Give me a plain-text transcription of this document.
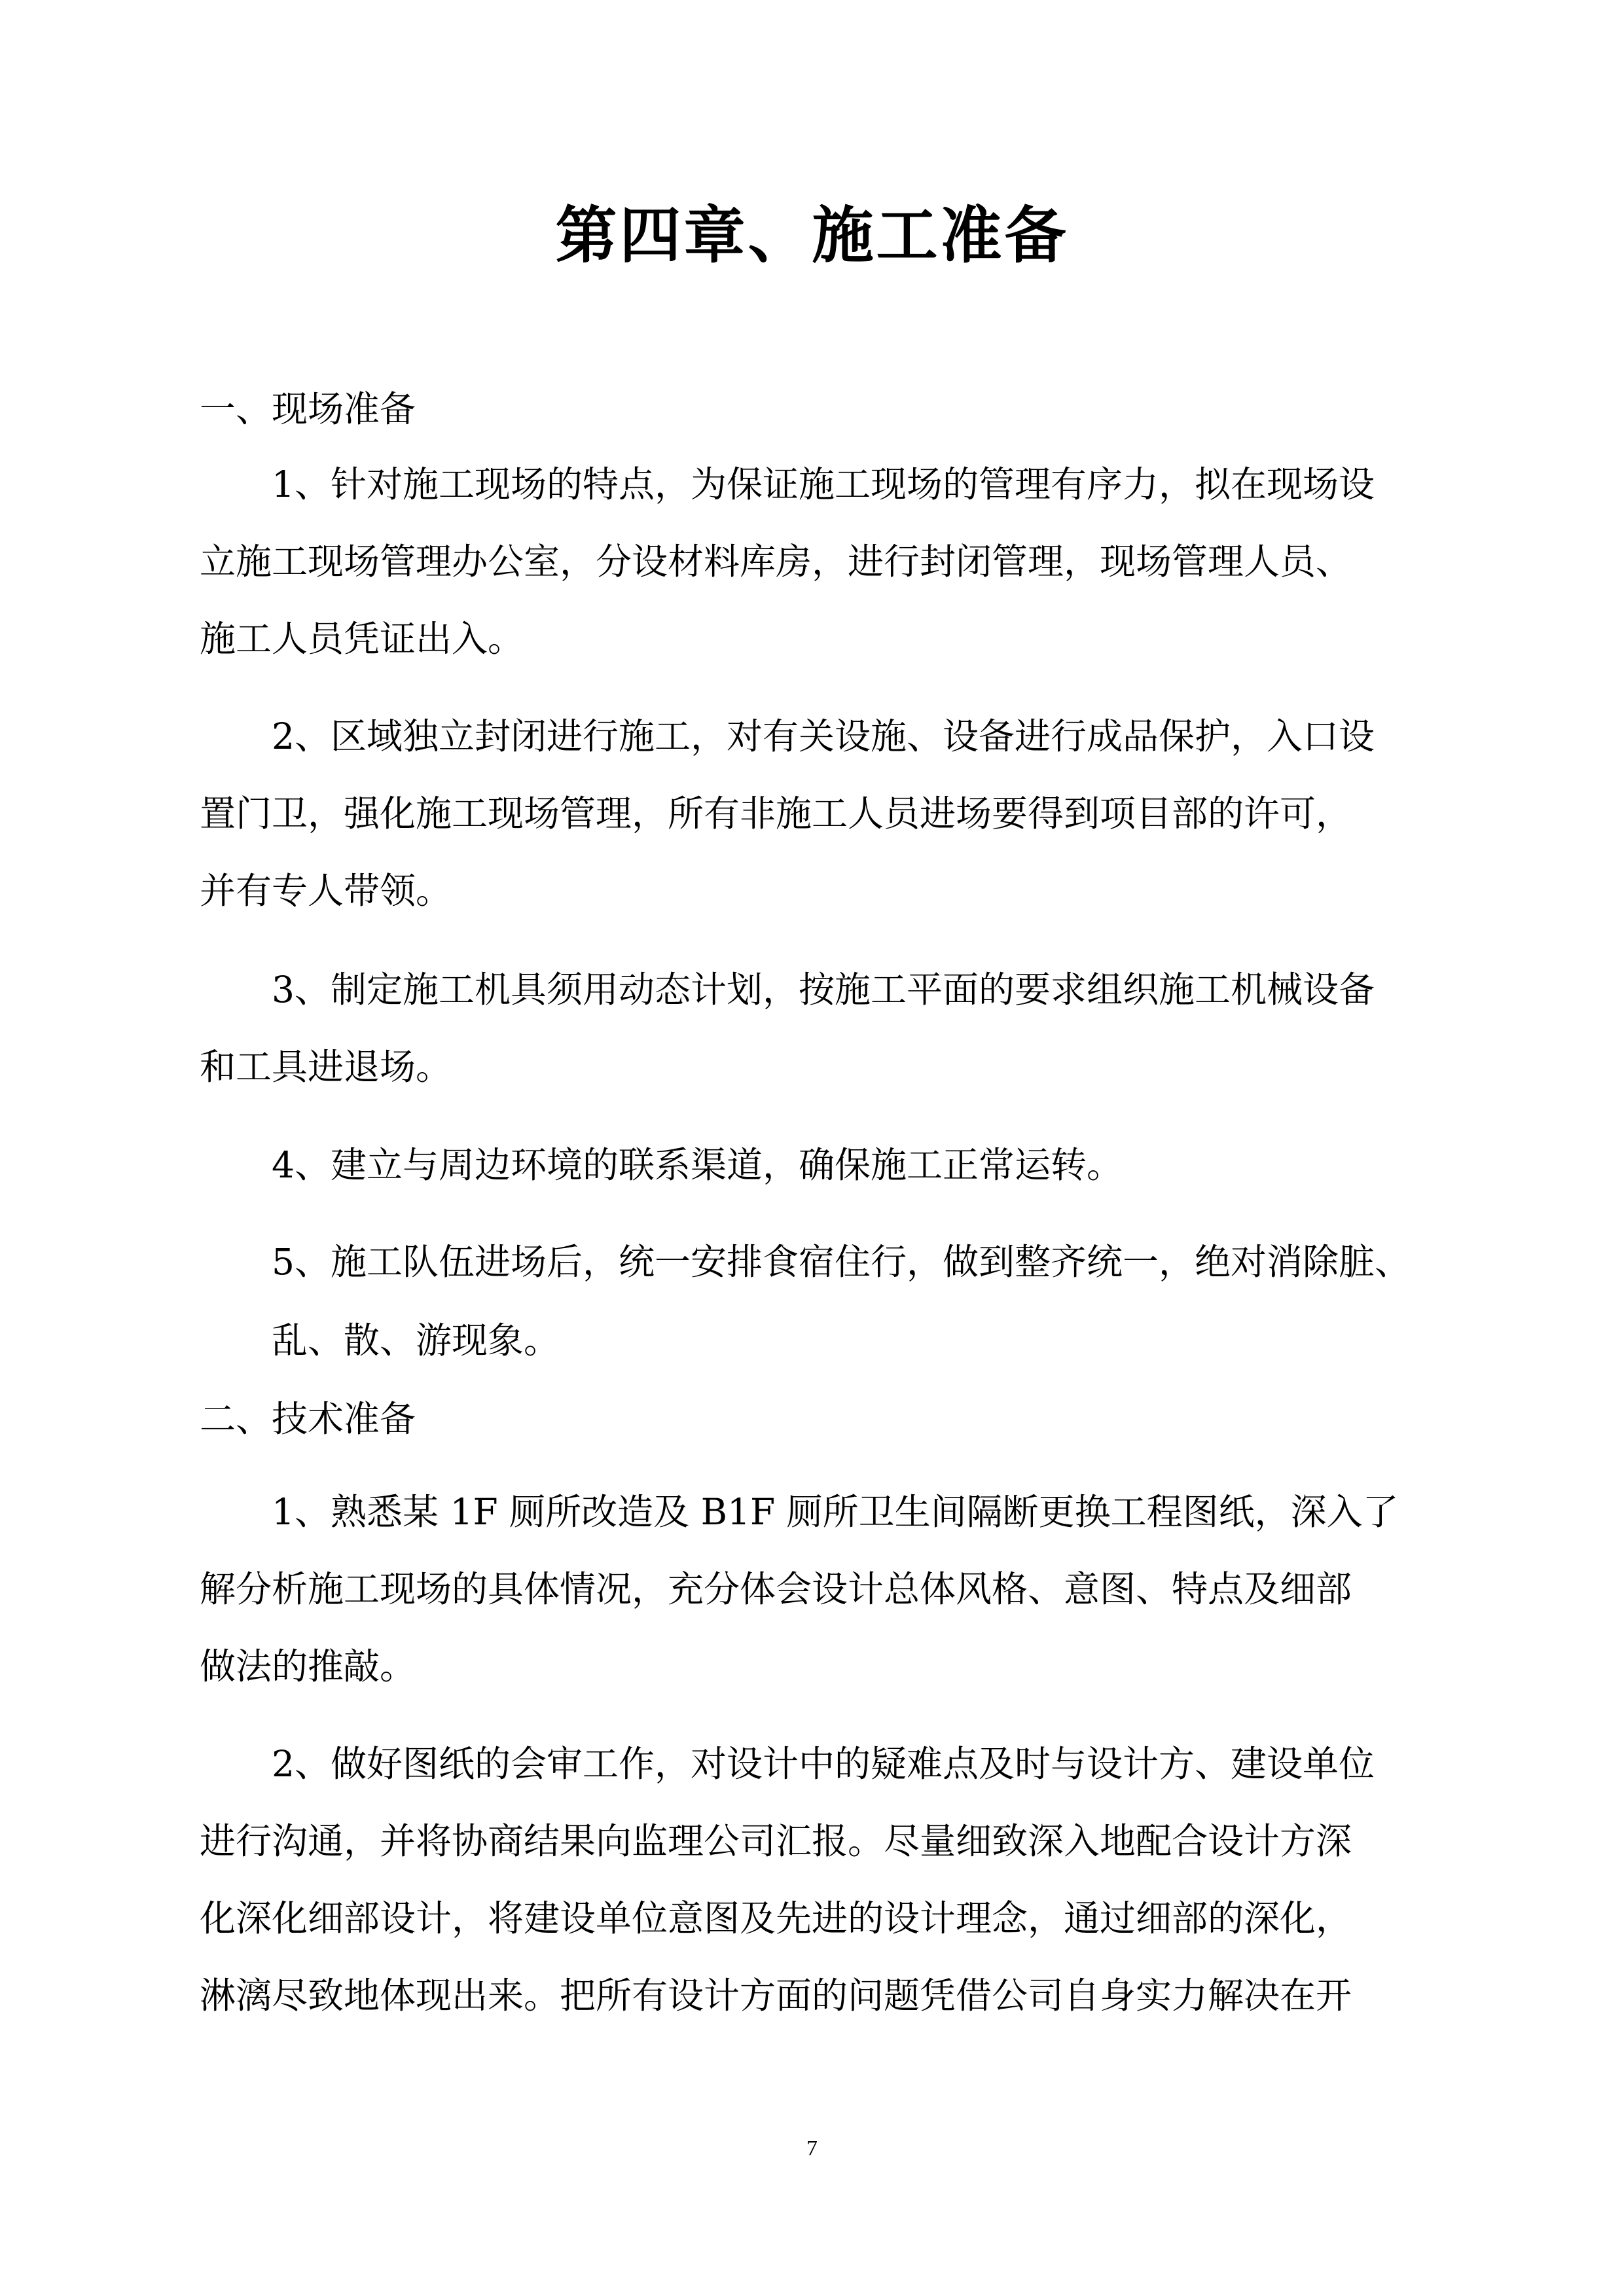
第四章、施工准备

一、现场准备

1、针对施工现场的特点，为保证施工现场的管理有序力，拟在现场设

立施工现场管理办公室，分设材料库房，进行封闭管理，现场管理人员、

施工人员凭证出入。

2、区域独立封闭进行施工，对有关设施、设备进行成品保护，入口设

置门卫，强化施工现场管理，所有非施工人员进场要得到项目部的许可，

并有专人带领。

3、制定施工机具须用动态计划，按施工平面的要求组织施工机械设备

和工具进退场。

4、建立与周边环境的联系渠道，确保施工正常运转。

5、施工队伍进场后，统一安排食宿住行，做到整齐统一，绝对消除脏、

乱、散、游现象。

二、技术准备

1、熟悉某 1F 厕所改造及 B1F 厕所卫生间隔断更换工程图纸，深入了

解分析施工现场的具体情况，充分体会设计总体风格、意图、特点及细部

做法的推敲。

2、做好图纸的会审工作，对设计中的疑难点及时与设计方、建设单位

进行沟通，并将协商结果向监理公司汇报。尽量细致深入地配合设计方深

化深化细部设计，将建设单位意图及先进的设计理念，通过细部的深化，

淋漓尽致地体现出来。把所有设计方面的问题凭借公司自身实力解决在开

7
